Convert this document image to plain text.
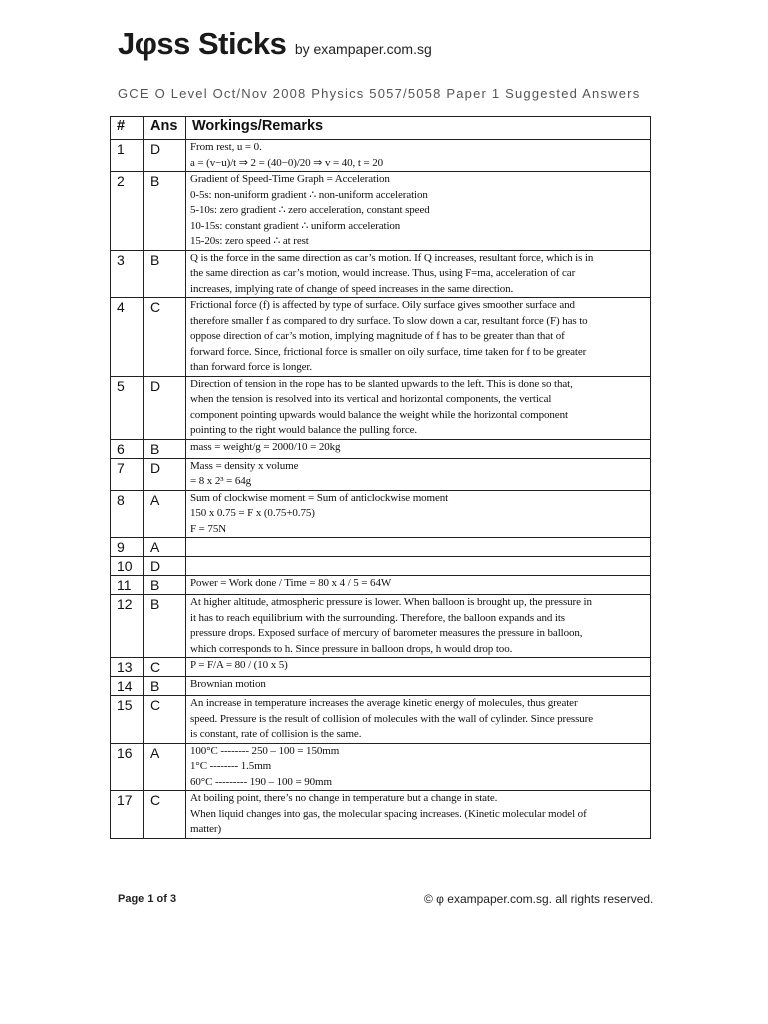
Jφss Sticks by exampaper.com.sg
GCE O Level Oct/Nov 2008 Physics 5057/5058 Paper 1 Suggested Answers
#	Ans	Workings/Remarks
1	D	From rest, u = 0.
a = (v−u)/t ⇒ 2 = (40−0)/20 ⇒ v = 40, t = 20

2	B	Gradient of Speed-Time Graph = Acceleration
0-5s: non-uniform gradient ∴ non-uniform acceleration
5-10s: zero gradient ∴ zero acceleration, constant speed
10-15s: constant gradient ∴ uniform acceleration
15-20s: zero speed ∴ at rest

3	B	Q is the force in the same direction as car’s motion. If Q increases, resultant force, which is in
the same direction as car’s motion, would increase. Thus, using F=ma, acceleration of car
increases, implying rate of change of speed increases in the same direction.

4	C	Frictional force (f) is affected by type of surface. Oily surface gives smoother surface and
therefore smaller f as compared to dry surface. To slow down a car, resultant force (F) has to
oppose direction of car’s motion, implying magnitude of f has to be greater than that of
forward force. Since, frictional force is smaller on oily surface, time taken for f to be greater
than forward force is longer.

5	D	Direction of tension in the rope has to be slanted upwards to the left. This is done so that,
when the tension is resolved into its vertical and horizontal components, the vertical
component pointing upwards would balance the weight while the horizontal component
pointing to the right would balance the pulling force.

6	B	mass = weight/g = 2000/10 = 20kg

7	D	Mass = density x volume
= 8 x 2³ = 64g

8	A	Sum of clockwise moment = Sum of anticlockwise moment
150 x 0.75 = F x (0.75+0.75)
F = 75N

9	A	

10	D	

11	B	Power = Work done / Time = 80 x 4 / 5 = 64W

12	B	At higher altitude, atmospheric pressure is lower. When balloon is brought up, the pressure in
it has to reach equilibrium with the surrounding. Therefore, the balloon expands and its
pressure drops. Exposed surface of mercury of barometer measures the pressure in balloon,
which corresponds to h. Since pressure in balloon drops, h would drop too.

13	C	P = F/A = 80 / (10 x 5)

14	B	Brownian motion

15	C	An increase in temperature increases the average kinetic energy of molecules, thus greater
speed. Pressure is the result of collision of molecules with the wall of cylinder. Since pressure
is constant, rate of collision is the same.

16	A	100°C -------- 250 – 100 = 150mm
1°C -------- 1.5mm
60°C --------- 190 – 100 = 90mm

17	C	At boiling point, there’s no change in temperature but a change in state.
When liquid changes into gas, the molecular spacing increases. (Kinetic molecular model of
matter)
Page 1 of 3	© φ exampaper.com.sg. all rights reserved.
